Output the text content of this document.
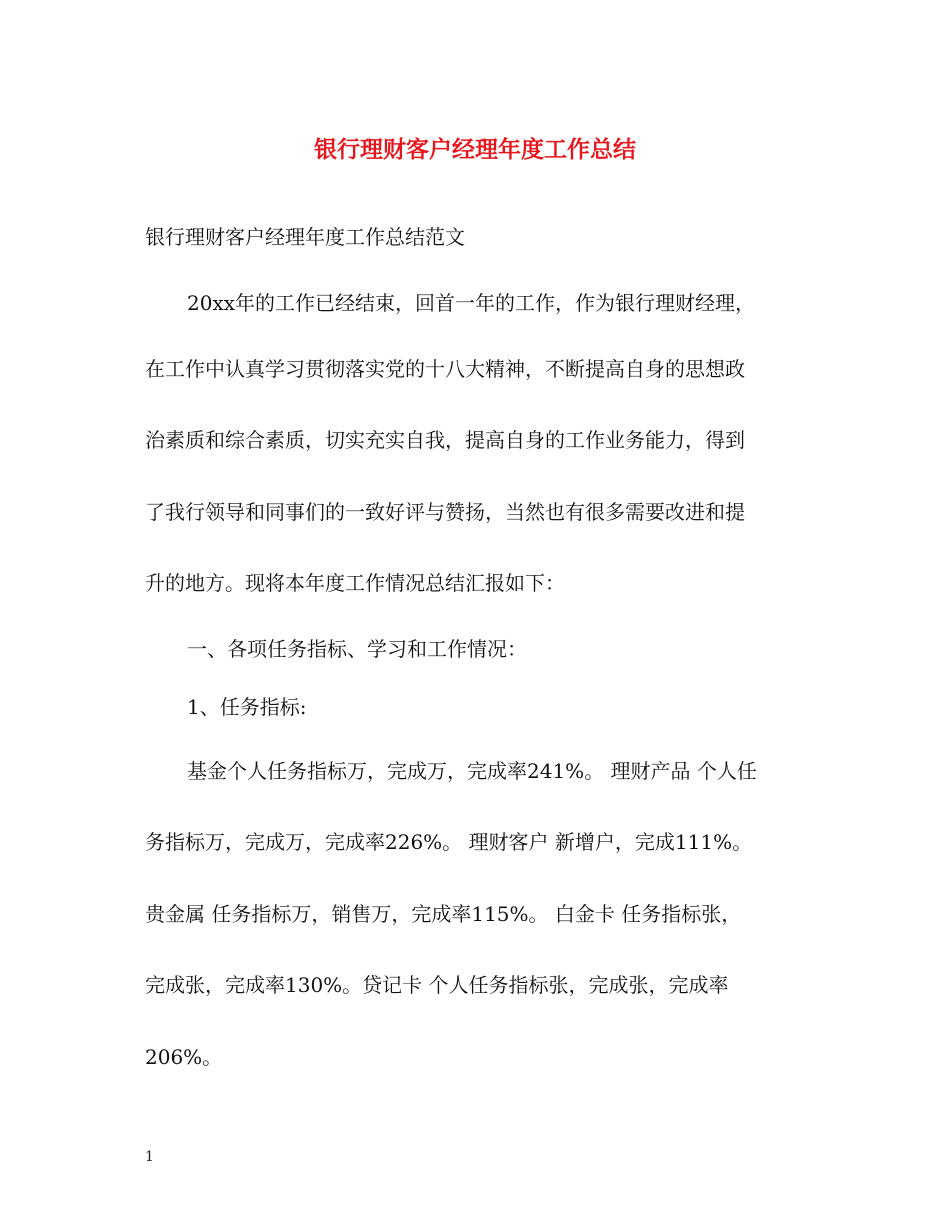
银行理财客户经理年度工作总结

银行理财客户经理年度工作总结范文

20xx年的工作已经结束，回首一年的工作，作为银行理财经理，

在工作中认真学习贯彻落实党的十八大精神，不断提高自身的思想政

治素质和综合素质，切实充实自我，提高自身的工作业务能力，得到

了我行领导和同事们的一致好评与赞扬，当然也有很多需要改进和提

升的地方。现将本年度工作情况总结汇报如下：

一、各项任务指标、学习和工作情况：

1、任务指标:

基金个人任务指标万，完成万，完成率241%。 理财产品 个人任

务指标万，完成万，完成率226%。 理财客户 新增户，完成111%。

贵金属 任务指标万，销售万，完成率115%。 白金卡 任务指标张，

完成张，完成率130%。贷记卡 个人任务指标张，完成张，完成率

206%。

1
